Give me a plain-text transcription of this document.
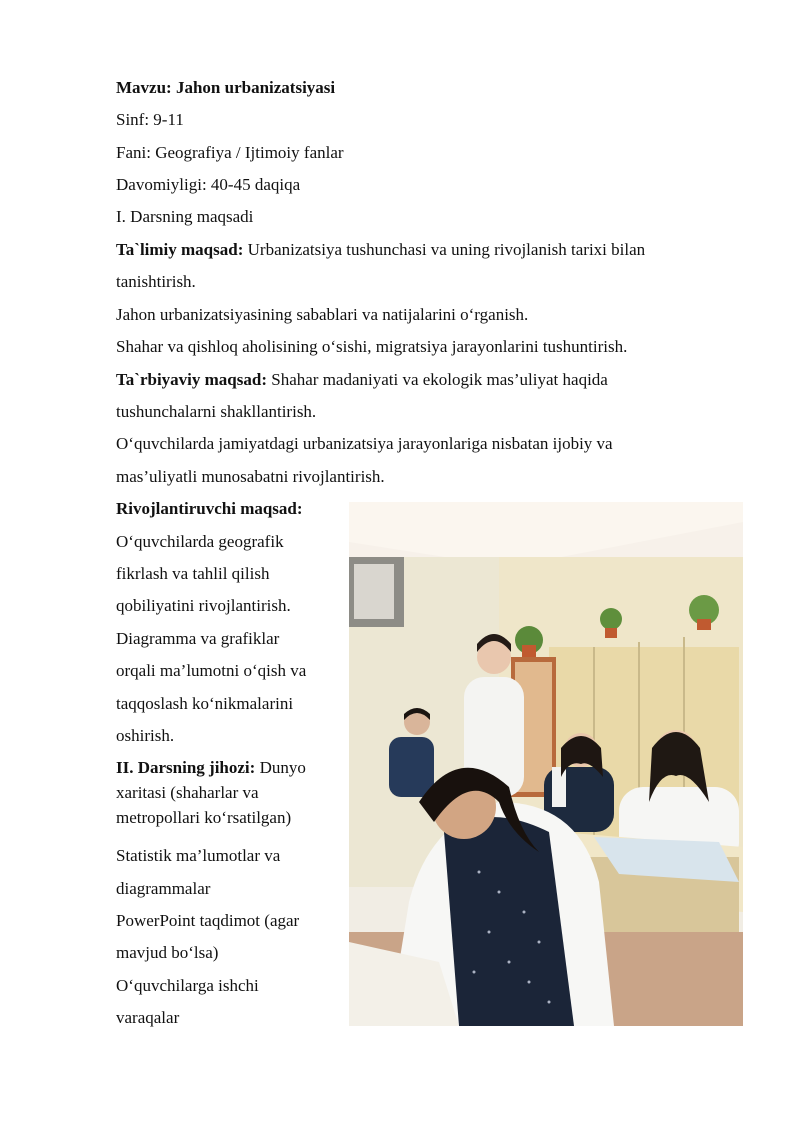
Mavzu: Jahon urbanizatsiyasi
Sinf: 9-11
Fani: Geografiya / Ijtimoiy fanlar
Davomiyligi: 40-45 daqiqa
I. Darsning maqsadi
Ta`limiy maqsad: Urbanizatsiya tushunchasi va uning rivojlanish tarixi bilan
tanishtirish.
Jahon urbanizatsiyasining sabablari va natijalarini o‘rganish.
Shahar va qishloq aholisining o‘sishi, migratsiya jarayonlarini tushuntirish.
Ta`rbiyaviy maqsad: Shahar madaniyati va ekologik mas’uliyat haqida
tushunchalarni shakllantirish.
O‘quvchilarda jamiyatdagi urbanizatsiya jarayonlariga nisbatan ijobiy va
mas’uliyatli munosabatni rivojlantirish.
Rivojlantiruvchi maqsad:
O‘quvchilarda geografik
fikrlash va tahlil qilish
qobiliyatini rivojlantirish.
Diagramma va grafiklar
orqali ma’lumotni o‘qish va
taqqoslash ko‘nikmalarini
oshirish.
II. Darsning jihozi: Dunyo
xaritasi (shaharlar va
metropollari ko‘rsatilgan)
Statistik ma’lumotlar va
diagrammalar
PowerPoint taqdimot (agar
mavjud bo‘lsa)
O‘quvchilarga ishchi
varaqalar
